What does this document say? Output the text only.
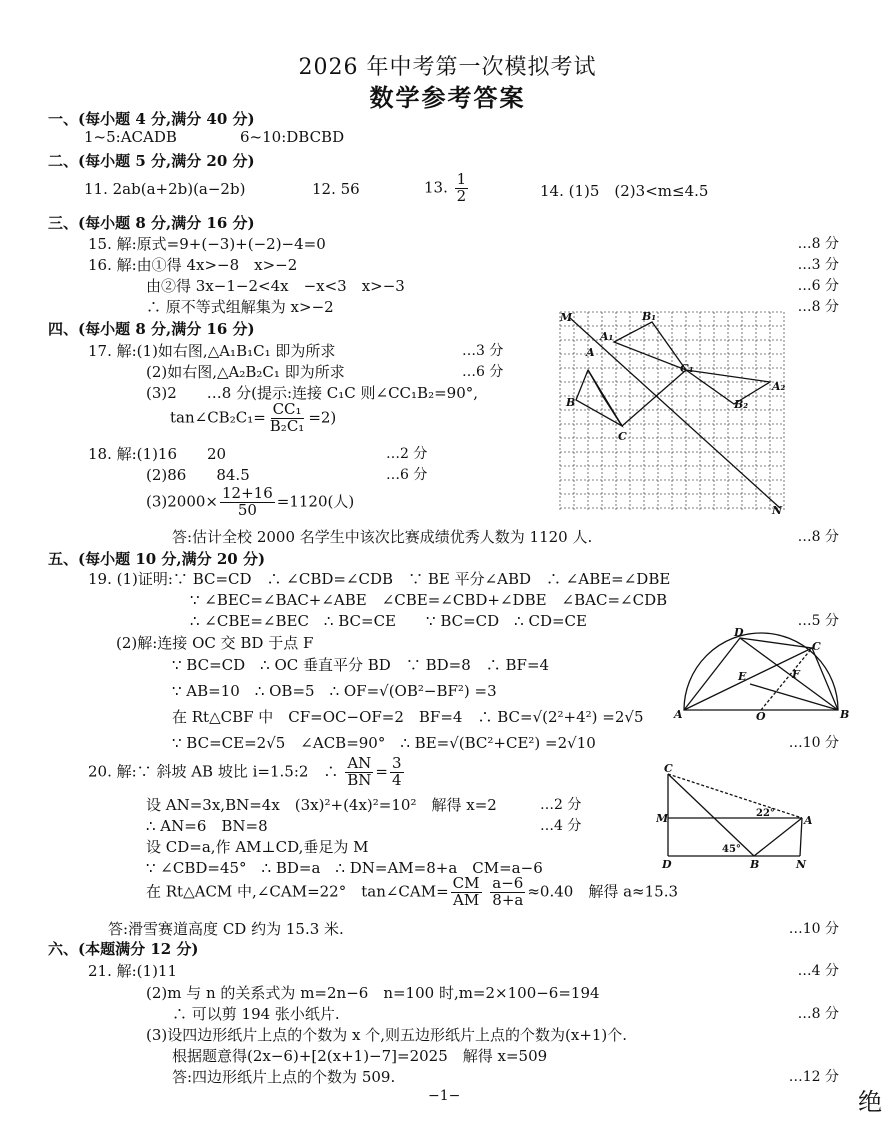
2026 年中考第一次模拟考试
数学参考答案
一、(每小题 4 分,满分 40 分)
1~5:ACADB	6~10:DBCBD
二、(每小题 5 分,满分 20 分)
11. 2ab(a+2b)(a−2b)	12. 56	13. $\frac{1}{2}$	14. (1)5　(2)3<m≤4.5
三、(每小题 8 分,满分 16 分)
15. 解:原式=9+(−3)+(−2)−4=0	…8 分
16. 解:由①得 4x>−8　x>−2	…3 分
由②得 3x−1−2<4x　−x<3　x>−3	…6 分
∴ 原不等式组解集为 x>−2	…8 分
四、(每小题 8 分,满分 16 分)
17. 解:(1)如右图,△A₁B₁C₁ 即为所求	…3 分
(2)如右图,△A₂B₂C₁ 即为所求	…6 分
(3)2　　…8 分(提示:连接 C₁C 则∠CC₁B₂=90°,
tan∠CB₂C₁= $\frac{\text{CC₁}}{\text{B₂C₁}} =2$)
18. 解:(1)16　　20	…2 分
(2)86　　84.5	…6 分
$(3)2000\times \frac{12+16}{50} =1120$(人)
答:估计全校 2000 名学生中该次比赛成绩优秀人数为 1120 人.	…8 分
M
A₁
B₁
A
C₁
A₂
B	B₂
C
N
五、(每小题 10 分,满分 20 分)
19. (1)证明:∵ BC=CD　∴ ∠CBD=∠CDB　∵ BE 平分∠ABD　∴ ∠ABE=∠DBE
∵ ∠BEC=∠BAC+∠ABE　∠CBE=∠CBD+∠DBE　∠BAC=∠CDB
∴ ∠CBE=∠BEC　∴ BC=CE　　∵ BC=CD　∴ CD=CE	…5 分
(2)解:连接 OC 交 BD 于点 F
∵ BC=CD　∴ OC 垂直平分 BD　∵ BD=8　∴ BF=4
∵ AB=10　∴ OB=5　∴ OF=√(OB²−BF²) =3
在 Rt△CBF 中　CF=OC−OF=2　BF=4　∴ BC=√(2²+4²) =2√5
∵ BC=CE=2√5　∠ACB=90°　∴ BE=√(BC²+CE²) =2√10	…10 分
D
C
E	F
A	O	B
20. 解:∵ 斜坡 AB 坡比 i=1.5:2　∴ $\frac{AN}{BN} = \frac{3}{4}$
设 AN=3x,BN=4x　(3x)²+(4x)²=10²　解得 x=2	…2 分
∴ AN=6　BN=8	…4 分
设 CD=a,作 AM⊥CD,垂足为 M
∵ ∠CBD=45°　∴ BD=a　∴ DN=AM=8+a　CM=a−6
在 Rt△ACM 中,∠CAM=22°　tan∠CAM= $\frac{CM}{AM}$
$\frac{a-6}{8+a} \approx 0.40$　解得 a≈15.3
答:滑雪赛道高度 CD 约为 15.3 米.	…10 分
C
M	22°
A
45°
D	B	N
六、(本题满分 12 分)
21. 解:(1)11	…4 分
(2)m 与 n 的关系式为 m=2n−6　n=100 时,m=2×100−6=194
∴ 可以剪 194 张小纸片.	…8 分
(3)设四边形纸片上点的个数为 x 个,则五边形纸片上点的个数为(x+1)个.
根据题意得(2x−6)+[2(x+1)−7]=2025　解得 x=509
答:四边形纸片上点的个数为 509.	…12 分
−1−	绝
